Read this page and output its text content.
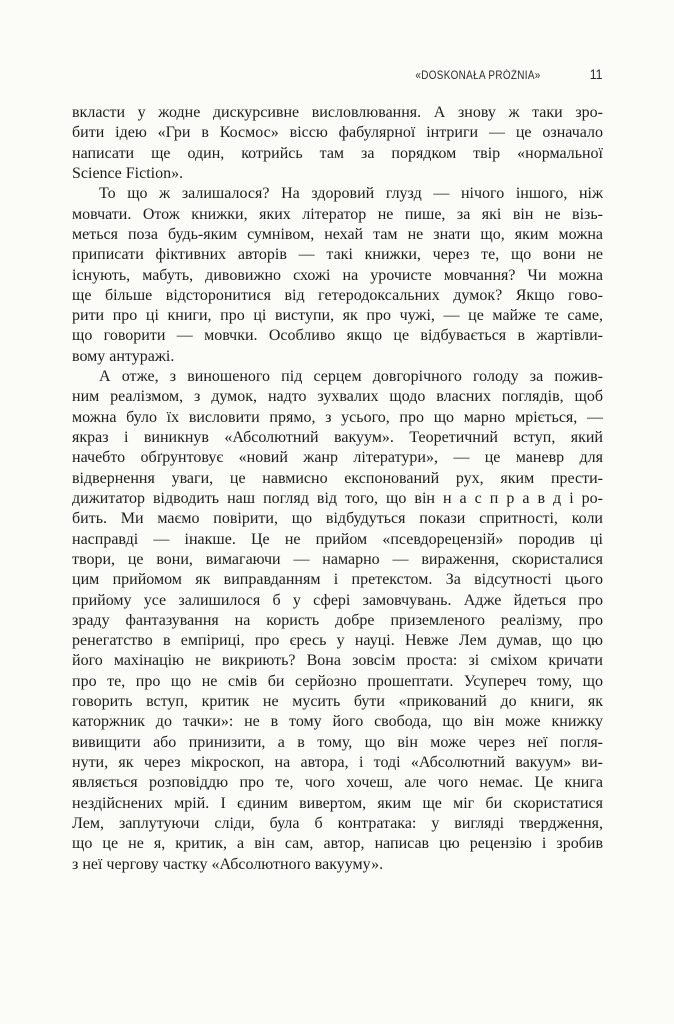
«DOSKONAŁA PRÓŻNIA»	11
вкласти у жодне дискурсивне висловлювання. А знову ж таки зро-
бити ідею «Гри в Космос» віссю фабулярної інтриги — це означало
написати ще один, котрийсь там за порядком твір «нормальної
Science Fiction».
То що ж залишалося? На здоровий глузд — нічого іншого, ніж
мовчати. Отож книжки, яких літератор не пише, за які він не візь-
меться поза будь-яким сумнівом, нехай там не знати що, яким можна
приписати фіктивних авторів — такі книжки, через те, що вони не
існують, мабуть, дивовижно схожі на урочисте мовчання? Чи можна
ще більше відсторонитися від гетеродоксальних думок? Якщо гово-
рити про ці книги, про ці виступи, як про чужі, — це майже те саме,
що говорити — мовчки. Особливо якщо це відбувається в жартівли-
вому антуражі.
А отже, з виношеного під серцем довгорічного голоду за пожив-
ним реалізмом, з думок, надто зухвалих щодо власних поглядів, щоб
можна було їх висловити прямо, з усього, про що марно мріється, —
якраз і виникнув «Абсолютний вакуум». Теоретичний вступ, який
начебто обґрунтовує «новий жанр літератури», — це маневр для
відвернення уваги, це навмисно експонований рух, яким прести-
дижитатор відводить наш погляд від того, що він н а с п р а в д і ро-
бить. Ми маємо повірити, що відбудуться покази спритності, коли
насправді — інакше. Це не прийом «псевдорецензій» породив ці
твори, це вони, вимагаючи — намарно — вираження, скористалися
цим прийомом як виправданням і претекстом. За відсутності цього
прийому усе залишилося б у сфері замовчувань. Адже йдеться про
зраду фантазування на користь добре приземленого реалізму, про
ренегатство в емпіриці, про єресь у науці. Невже Лем думав, що цю
його махінацію не викриють? Вона зовсім проста: зі сміхом кричати
про те, про що не смів би серйозно прошептати. Усупереч тому, що
говорить вступ, критик не мусить бути «прикований до книги, як
каторжник до тачки»: не в тому його свобода, що він може книжку
вивищити або принизити, а в тому, що він може через неї погля-
нути, як через мікроскоп, на автора, і тоді «Абсолютний вакуум» ви-
являється розповіддю про те, чого хочеш, але чого немає. Це книга
нездійснених мрій. І єдиним вивертом, яким ще міг би скористатися
Лем, заплутуючи сліди, була б контратака: у вигляді твердження,
що це не я, критик, а він сам, автор, написав цю рецензію і зробив
з неї чергову частку «Абсолютного вакууму».
